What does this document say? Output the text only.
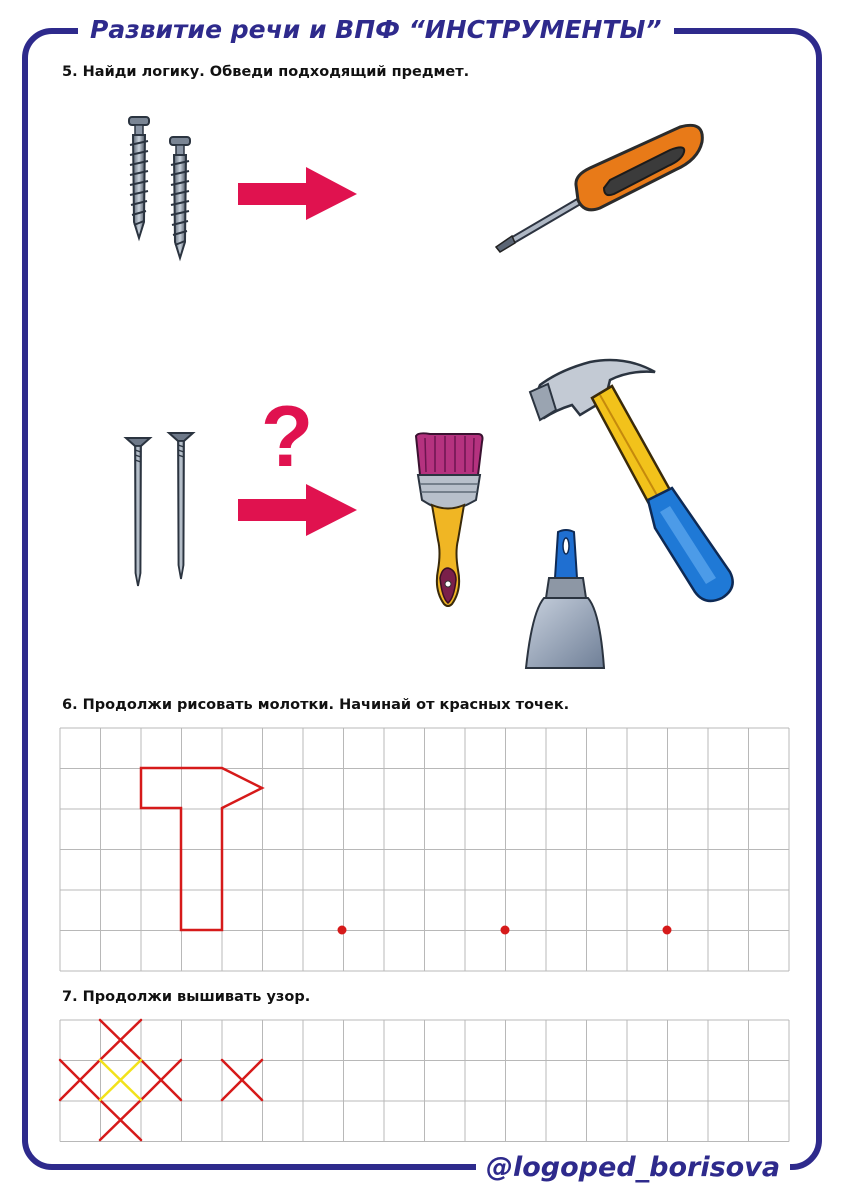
Развитие речи и ВПФ “ИНСТРУМЕНТЫ”
@logoped_borisova
5. Найди логику. Обведи подходящий предмет.
6. Продолжи рисовать молотки. Начинай от красных точек.
7. Продолжи вышивать узор.
?
